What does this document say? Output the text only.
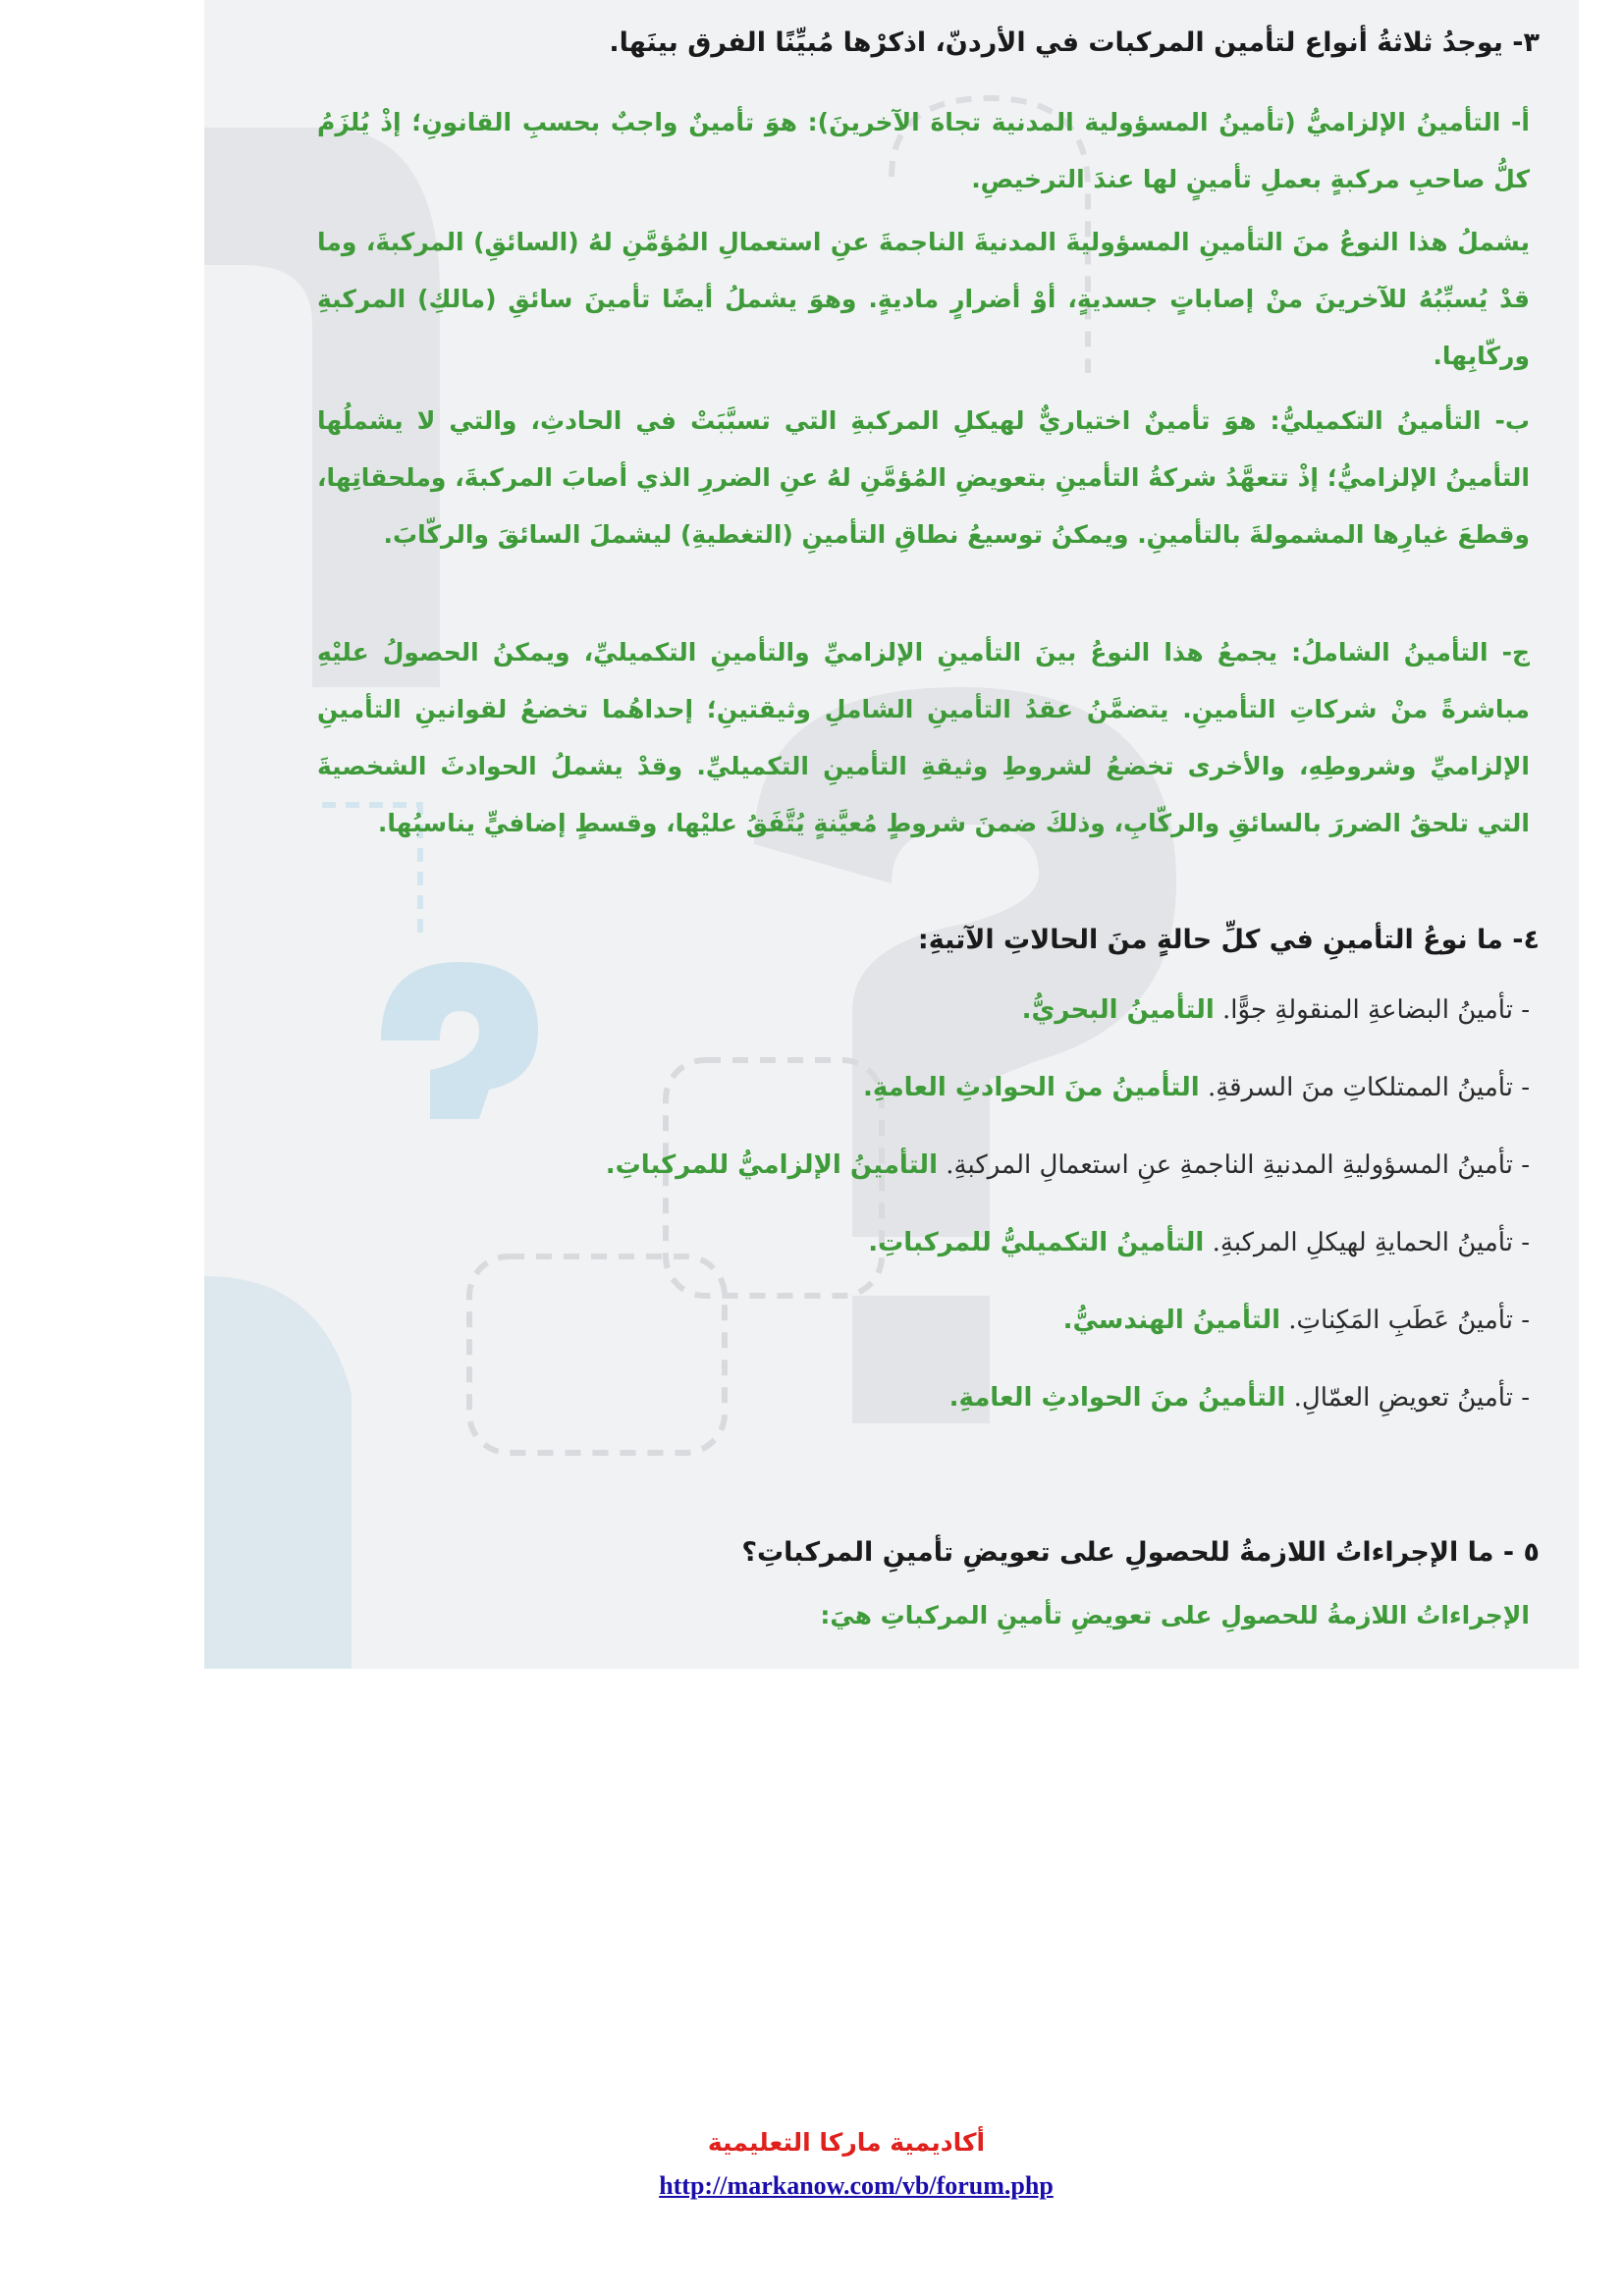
٣- يوجدُ ثلاثةُ أنواع لتأمين المركبات في الأردنّ، اذكرْها مُبيِّنًا الفرق بينَها.
أ- التأمينُ الإلزاميُّ (تأمينُ المسؤولية المدنية تجاهَ الآخرينَ): هوَ تأمينٌ واجبٌ بحسبِ القانونِ؛ إذْ يُلزَمُ كلُّ صاحبِ مركبةٍ بعملِ تأمينٍ لها عندَ الترخيصِ.
يشملُ هذا النوعُ منَ التأمينِ المسؤوليةَ المدنيةَ الناجمةَ عنِ استعمالِ المُؤمَّنِ لهُ (السائقِ) المركبةَ، وما قدْ يُسبِّبُهُ للآخرينَ منْ إصاباتٍ جسديةٍ، أوْ أضرارٍ ماديةٍ. وهوَ يشملُ أيضًا تأمينَ سائقِ (مالكِ) المركبةِ وركّابِها.
ب- التأمينُ التكميليُّ: هوَ تأمينٌ اختياريٌّ لهيكلِ المركبةِ التي تسبَّبَتْ في الحادثِ، والتي لا يشملُها التأمينُ الإلزاميُّ؛ إذْ تتعهَّدُ شركةُ التأمينِ بتعويضِ المُؤمَّنِ لهُ عنِ الضررِ الذي أصابَ المركبةَ، وملحقاتِها، وقطعَ غيارِها المشمولةَ بالتأمينِ. ويمكنُ توسيعُ نطاقِ التأمينِ (التغطيةِ) ليشملَ السائقَ والركّابَ.
ج- التأمينُ الشاملُ: يجمعُ هذا النوعُ بينَ التأمينِ الإلزاميِّ والتأمينِ التكميليِّ، ويمكنُ الحصولُ عليْهِ مباشرةً منْ شركاتِ التأمينِ. يتضمَّنُ عقدُ التأمينِ الشاملِ وثيقتينِ؛ إحداهُما تخضعُ لقوانينِ التأمينِ الإلزاميِّ وشروطِهِ، والأخرى تخضعُ لشروطِ وثيقةِ التأمينِ التكميليِّ. وقدْ يشملُ الحوادثَ الشخصيةَ التي تلحقُ الضررَ بالسائقِ والركّابِ، وذلكَ ضمنَ شروطٍ مُعيَّنةٍ يُتَّفَقُ عليْها، وقسطٍ إضافيٍّ يناسبُها.
٤- ما نوعُ التأمينِ في كلِّ حالةٍ منَ الحالاتِ الآتيةِ:
- تأمينُ البضاعةِ المنقولةِ جوًّا. التأمينُ البحريُّ.
- تأمينُ الممتلكاتِ منَ السرقةِ. التأمينُ منَ الحوادثِ العامةِ.
- تأمينُ المسؤوليةِ المدنيةِ الناجمةِ عنِ استعمالِ المركبةِ. التأمينُ الإلزاميُّ للمركباتِ.
- تأمينُ الحمايةِ لهيكلِ المركبةِ. التأمينُ التكميليُّ للمركباتِ.
- تأمينُ عَطَبِ المَكِناتِ. التأمينُ الهندسيُّ.
- تأمينُ تعويضِ العمّالِ. التأمينُ منَ الحوادثِ العامةِ.
٥ - ما الإجراءاتُ اللازمةُ للحصولِ على تعويضِ تأمينِ المركباتِ؟
الإجراءاتُ اللازمةُ للحصولِ على تعويضِ تأمينِ المركباتِ هيَ:
أكاديمية ماركا التعليمية
http://markanow.com/vb/forum.php
